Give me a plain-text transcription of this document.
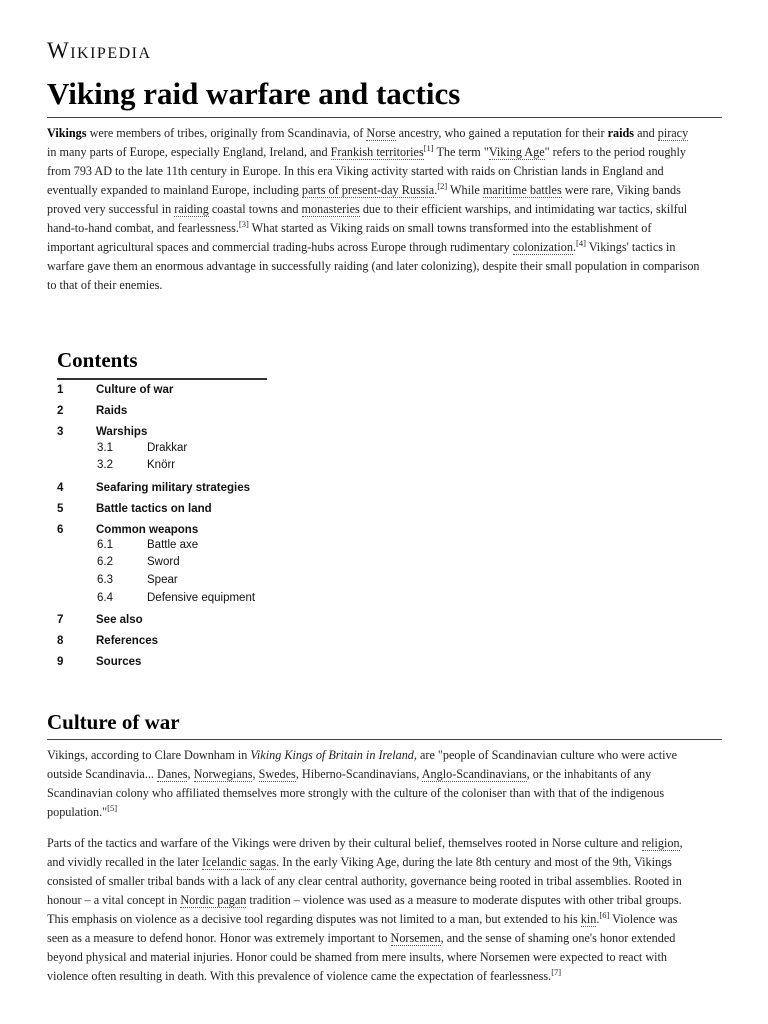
Wikipedia
Viking raid warfare and tactics
Vikings were members of tribes, originally from Scandinavia, of Norse ancestry, who gained a reputation for their raids and piracy
in many parts of Europe, especially England, Ireland, and Frankish territories[1] The term "Viking Age" refers to the period roughly
from 793 AD to the late 11th century in Europe. In this era Viking activity started with raids on Christian lands in England and
eventually expanded to mainland Europe, including parts of present-day Russia.[2] While maritime battles were rare, Viking bands
proved very successful in raiding coastal towns and monasteries due to their efficient warships, and intimidating war tactics, skilful
hand-to-hand combat, and fearlessness.[3] What started as Viking raids on small towns transformed into the establishment of
important agricultural spaces and commercial trading-hubs across Europe through rudimentary colonization.[4] Vikings' tactics in
warfare gave them an enormous advantage in successfully raiding (and later colonizing), despite their small population in comparison
to that of their enemies.
Contents
1	Culture of war
2	Raids
3	Warships
3.1	Drakkar
3.2	Knörr
4	Seafaring military strategies
5	Battle tactics on land
6	Common weapons
6.1	Battle axe
6.2	Sword
6.3	Spear
6.4	Defensive equipment
7	See also
8	References
9	Sources
Culture of war
Vikings, according to Clare Downham in Viking Kings of Britain in Ireland, are "people of Scandinavian culture who were active
outside Scandinavia... Danes, Norwegians, Swedes, Hiberno-Scandinavians, Anglo-Scandinavians, or the inhabitants of any
Scandinavian colony who affiliated themselves more strongly with the culture of the coloniser than with that of the indigenous
population."[5]
Parts of the tactics and warfare of the Vikings were driven by their cultural belief, themselves rooted in Norse culture and religion,
and vividly recalled in the later Icelandic sagas. In the early Viking Age, during the late 8th century and most of the 9th, Vikings
consisted of smaller tribal bands with a lack of any clear central authority, governance being rooted in tribal assemblies. Rooted in
honour – a vital concept in Nordic pagan tradition – violence was used as a measure to moderate disputes with other tribal groups.
This emphasis on violence as a decisive tool regarding disputes was not limited to a man, but extended to his kin.[6] Violence was
seen as a measure to defend honor. Honor was extremely important to Norsemen, and the sense of shaming one's honor extended
beyond physical and material injuries. Honor could be shamed from mere insults, where Norsemen were expected to react with
violence often resulting in death. With this prevalence of violence came the expectation of fearlessness.[7]
